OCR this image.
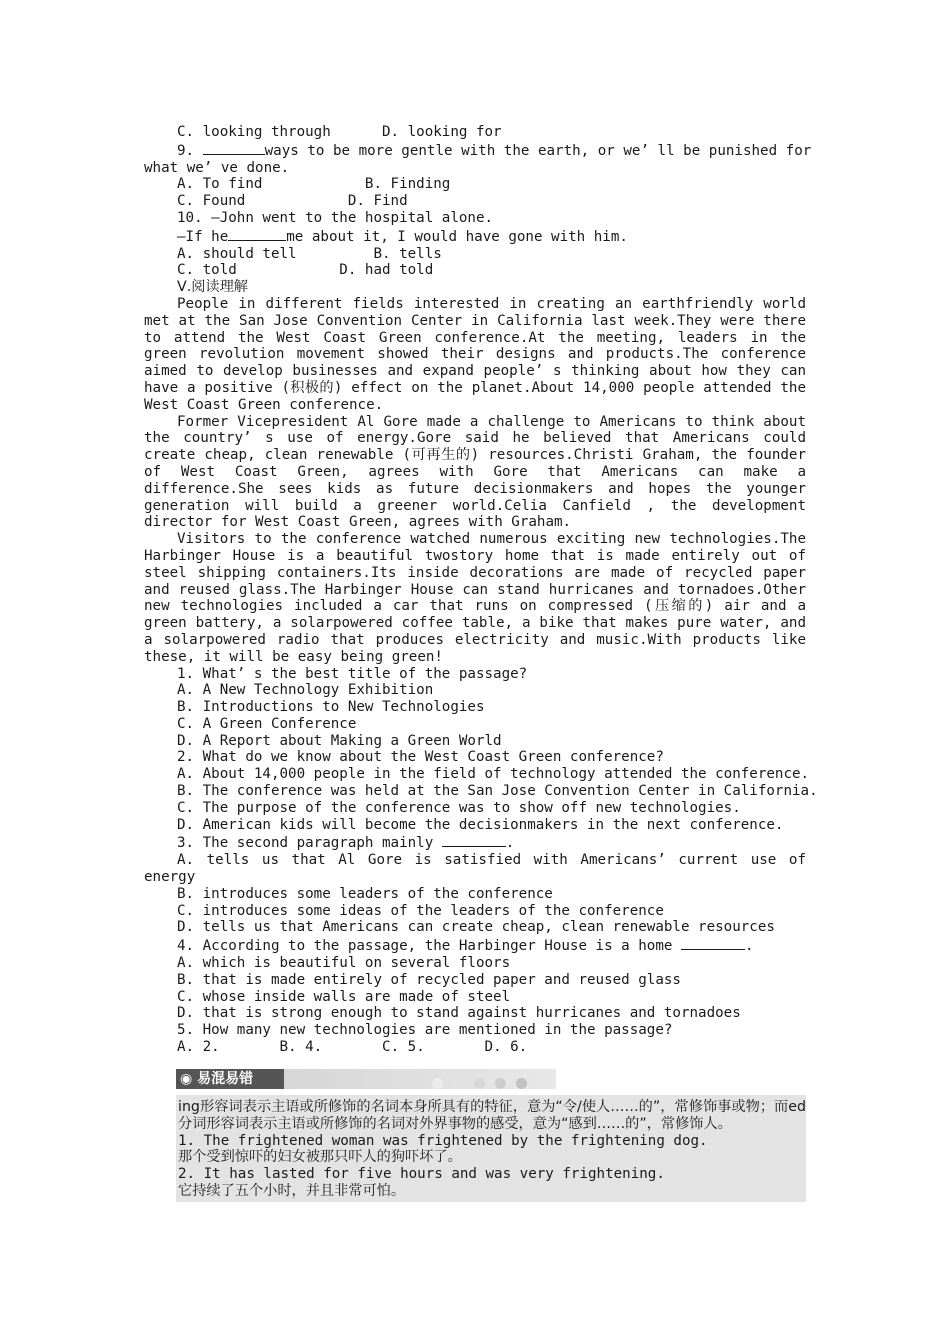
C. looking through	D. looking for
9.	ways to be more gentle with the earth, or we’ ll be punished for
what we’ ve done.
A. To find	B. Finding
C. Found	D. Find
10. —John went to the hospital alone.
—If he	me about it, I would have gone with him.
A. should tell	B. tells
C. told	D. had told
Ⅴ.阅读理解
People in different fields interested in creating an earthfriendly world met at the San Jose Convention Center in California last week.They were there to attend the West Coast Green conference.At the meeting, leaders in the green revolution movement showed their designs and products.The conference aimed to develop businesses and expand people’ s thinking about how they can have a positive (积极的) effect on the planet.About 14,000 people attended the West Coast Green conference.
Former Vicepresident Al Gore made a challenge to Americans to think about the country’ s use of energy.Gore said he believed that Americans could create cheap, clean renewable (可再生的) resources.Christi Graham, the founder of West Coast Green, agrees with Gore that Americans can make a difference.She sees kids as future decisionmakers and hopes the younger generation will build a greener world.Celia Canfield , the development director for West Coast Green, agrees with Graham.
Visitors to the conference watched numerous exciting new technologies.The Harbinger House is a beautiful twostory home that is made entirely out of steel shipping containers.Its inside decorations are made of recycled paper and reused glass.The Harbinger House can stand hurricanes and tornadoes.Other new technologies included a car that runs on compressed (压缩的) air and a green battery, a solarpowered coffee table, a bike that makes pure water, and a solarpowered radio that produces electricity and music.With products like these, it will be easy being green!
1. What’ s the best title of the passage?
A. A New Technology Exhibition
B. Introductions to New Technologies
C. A Green Conference
D. A Report about Making a Green World
2. What do we know about the West Coast Green conference?
A. About 14,000 people in the field of technology attended the conference.
B. The conference was held at the San Jose Convention Center in California.
C. The purpose of the conference was to show off new technologies.
D. American kids will become the decisionmakers in the next conference.
3. The second paragraph mainly	.
A. tells us that Al Gore is satisfied with Americans’ current use of energy
B. introduces some leaders of the conference
C. introduces some ideas of the leaders of the conference
D. tells us that Americans can create cheap, clean renewable resources
4. According to the passage, the Harbinger House is a home	.
A. which is beautiful on several floors
B. that is made entirely of recycled paper and reused glass
C. whose inside walls are made of steel
D. that is strong enough to stand against hurricanes and tornadoes
5. How many new technologies are mentioned in the passage?
A. 2.	B. 4.	C. 5.	D. 6.
◉ 易混易错
ing形容词表示主语或所修饰的名词本身所具有的特征，意为“令/使人……的”，常修饰事或物；而ed分词形容词表示主语或所修饰的名词对外界事物的感受，意为“感到……的”，常修饰人。
1. The frightened woman was frightened by the frightening dog.
那个受到惊吓的妇女被那只吓人的狗吓坏了。
2. It has lasted for five hours and was very frightening.
它持续了五个小时，并且非常可怕。
